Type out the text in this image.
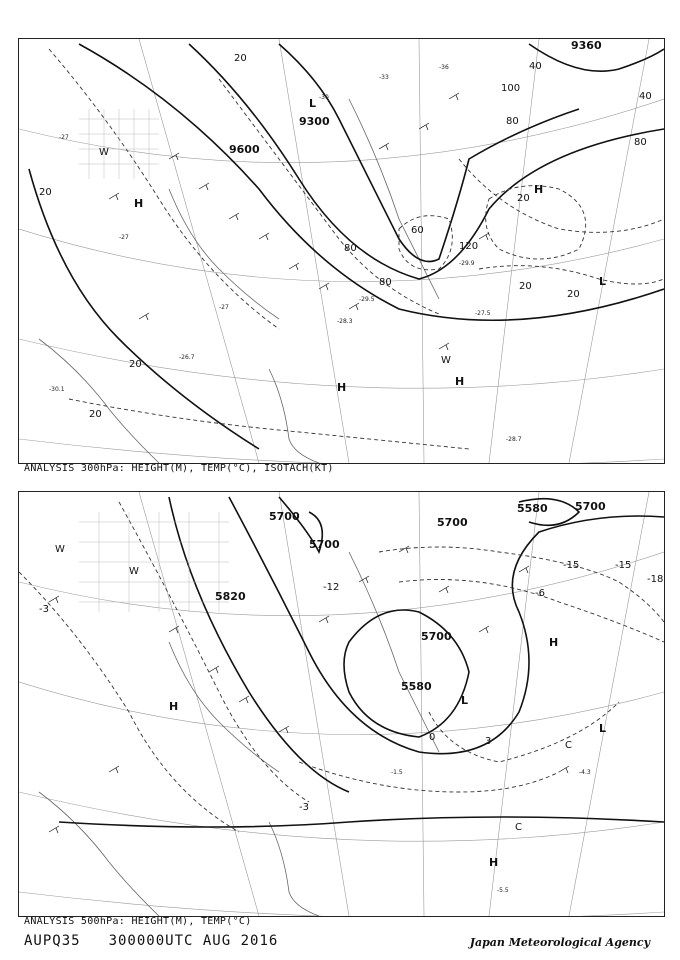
9300
9600
9360
20
20
20
20
20
20
20
40
40
60
80
80
80
80
100
120
-27
-27
-27
-30
-33
-36
-28.3
-29.5
-26.7
-27.5
-29.9
-28.7
-30.1
H
H
H	H
L
L
W
W
ANALYSIS 300hPa: HEIGHT(M), TEMP(°C), ISOTACH(KT)
5700
5700
5700
5700
5700
5820
5580
5580
-3
-3
-6
-12
-15	-15
-18
0	3
-1.5	-4.3
-5.5
H
H
H
L
L
C
C
W
W
ANALYSIS 500hPa: HEIGHT(M), TEMP(°C)
AUPQ35 300000UTC AUG 2016	Japan Meteorological Agency
